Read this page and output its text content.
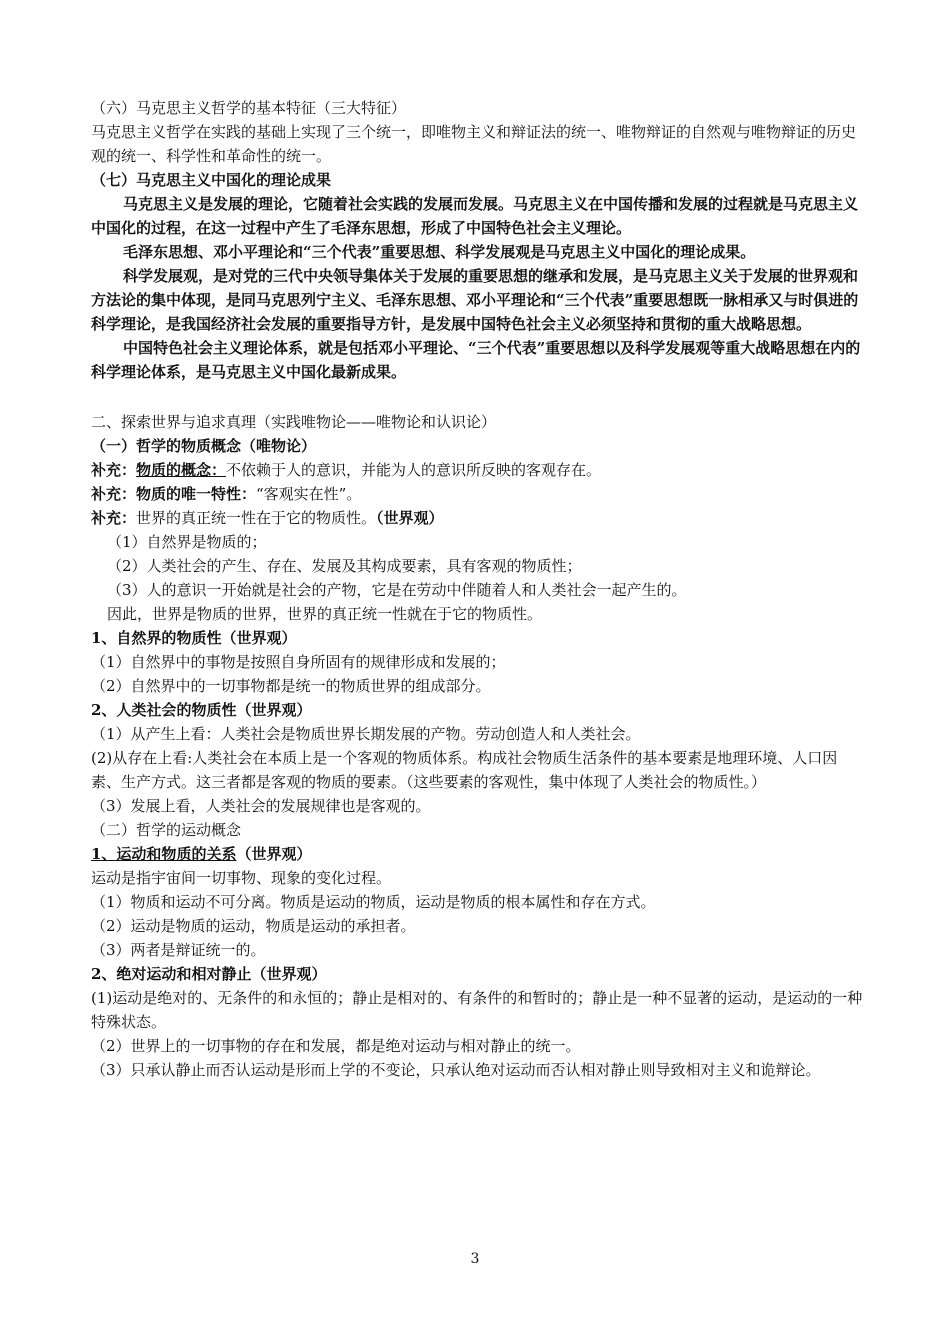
（六）马克思主义哲学的基本特征（三大特征）

马克思主义哲学在实践的基础上实现了三个统一，即唯物主义和辩证法的统一、唯物辩证的自然观与唯物辩证的历史观的统一、科学性和革命性的统一。

（七）马克思主义中国化的理论成果

马克思主义是发展的理论，它随着社会实践的发展而发展。马克思主义在中国传播和发展的过程就是马克思主义中国化的过程，在这一过程中产生了毛泽东思想，形成了中国特色社会主义理论。

毛泽东思想、邓小平理论和“三个代表”重要思想、科学发展观是马克思主义中国化的理论成果。

科学发展观，是对党的三代中央领导集体关于发展的重要思想的继承和发展，是马克思主义关于发展的世界观和方法论的集中体现，是同马克思列宁主义、毛泽东思想、邓小平理论和“三个代表”重要思想既一脉相承又与时俱进的科学理论，是我国经济社会发展的重要指导方针，是发展中国特色社会主义必须坚持和贯彻的重大战略思想。

中国特色社会主义理论体系，就是包括邓小平理论、“三个代表”重要思想以及科学发展观等重大战略思想在内的科学理论体系，是马克思主义中国化最新成果。

二、探索世界与追求真理（实践唯物论——唯物论和认识论）

（一）哲学的物质概念（唯物论）

补充：物质的概念：不依赖于人的意识，并能为人的意识所反映的客观存在。

补充：物质的唯一特性：“客观实在性”。

补充：世界的真正统一性在于它的物质性。（世界观）

（1）自然界是物质的；

（2）人类社会的产生、存在、发展及其构成要素，具有客观的物质性；

（3）人的意识一开始就是社会的产物，它是在劳动中伴随着人和人类社会一起产生的。

因此，世界是物质的世界，世界的真正统一性就在于它的物质性。

1、自然界的物质性（世界观）

（1）自然界中的事物是按照自身所固有的规律形成和发展的；

（2）自然界中的一切事物都是统一的物质世界的组成部分。

2、人类社会的物质性（世界观）

（1）从产生上看：人类社会是物质世界长期发展的产物。劳动创造人和人类社会。

(2)从存在上看:人类社会在本质上是一个客观的物质体系。构成社会物质生活条件的基本要素是地理环境、人口因素、生产方式。这三者都是客观的物质的要素。（这些要素的客观性，集中体现了人类社会的物质性。）

（3）发展上看，人类社会的发展规律也是客观的。

（二）哲学的运动概念

1、运动和物质的关系（世界观）

运动是指宇宙间一切事物、现象的变化过程。

（1）物质和运动不可分离。物质是运动的物质，运动是物质的根本属性和存在方式。

（2）运动是物质的运动，物质是运动的承担者。

（3）两者是辩证统一的。

2、绝对运动和相对静止（世界观）

(1)运动是绝对的、无条件的和永恒的；静止是相对的、有条件的和暂时的；静止是一种不显著的运动，是运动的一种特殊状态。

（2）世界上的一切事物的存在和发展，都是绝对运动与相对静止的统一。

（3）只承认静止而否认运动是形而上学的不变论，只承认绝对运动而否认相对静止则导致相对主义和诡辩论。

3
